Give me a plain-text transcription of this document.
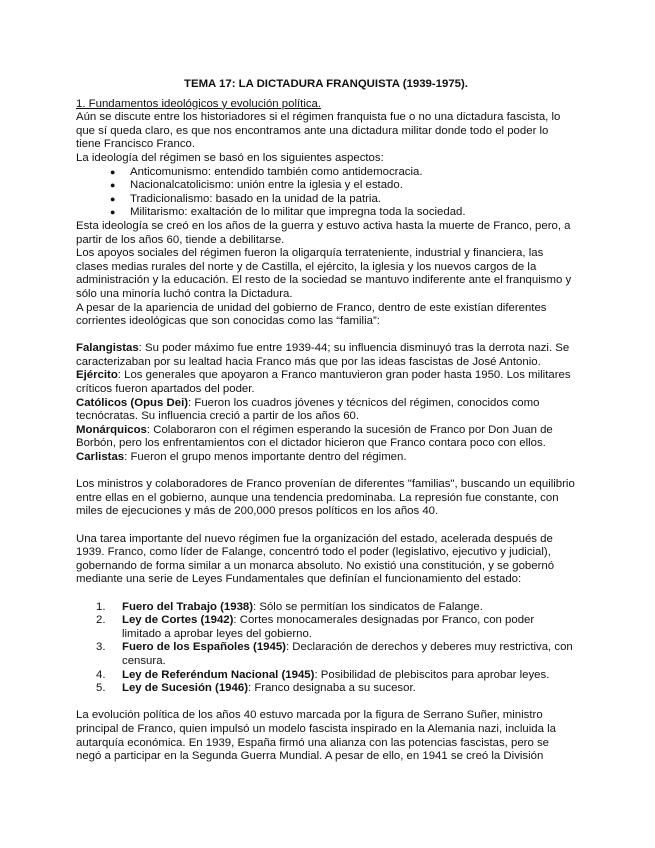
TEMA 17: LA DICTADURA FRANQUISTA (1939-1975).

1. Fundamentos ideológicos y evolución política.

Aún se discute entre los historiadores si el régimen franquista fue o no una dictadura fascista, lo que sí queda claro, es que nos encontramos ante una dictadura militar donde todo el poder lo tiene Francisco Franco.

La ideología del régimen se basó en los siguientes aspectos:

● Anticomunismo: entendido también como antidemocracia.
● Nacionalcatolicismo: unión entre la iglesia y el estado.
● Tradicionalismo: basado en la unidad de la patria.
● Militarismo: exaltación de lo militar que impregna toda la sociedad.

Esta ideología se creó en los años de la guerra y estuvo activa hasta la muerte de Franco, pero, a partir de los años 60, tiende a debilitarse.

Los apoyos sociales del régimen fueron la oligarquía terrateniente, industrial y financiera, las clases medias rurales del norte y de Castilla, el ejército, la iglesia y los nuevos cargos de la administración y la educación. El resto de la sociedad se mantuvo indiferente ante el franquismo y sólo una minoría luchó contra la Dictadura.

A pesar de la apariencia de unidad del gobierno de Franco, dentro de este existían diferentes corrientes ideológicas que son conocidas como las “familia”:

Falangistas: Su poder máximo fue entre 1939-44; su influencia disminuyó tras la derrota nazi. Se caracterizaban por su lealtad hacia Franco más que por las ideas fascistas de José Antonio.

Ejército: Los generales que apoyaron a Franco mantuvieron gran poder hasta 1950. Los militares críticos fueron apartados del poder.

Católicos (Opus Dei): Fueron los cuadros jóvenes y técnicos del régimen, conocidos como tecnócratas. Su influencia creció a partir de los años 60.

Monárquicos: Colaboraron con el régimen esperando la sucesión de Franco por Don Juan de Borbón, pero los enfrentamientos con el dictador hicieron que Franco contara poco con ellos.

Carlistas: Fueron el grupo menos importante dentro del régimen.

Los ministros y colaboradores de Franco provenían de diferentes "familias", buscando un equilibrio entre ellas en el gobierno, aunque una tendencia predominaba. La represión fue constante, con miles de ejecuciones y más de 200,000 presos políticos en los años 40.

Una tarea importante del nuevo régimen fue la organización del estado, acelerada después de 1939. Franco, como líder de Falange, concentró todo el poder (legislativo, ejecutivo y judicial), gobernando de forma similar a un monarca absoluto. No existió una constitución, y se gobernó mediante una serie de Leyes Fundamentales que definían el funcionamiento del estado:

1. Fuero del Trabajo (1938): Sólo se permitían los sindicatos de Falange.
2. Ley de Cortes (1942): Cortes monocamerales designadas por Franco, con poder limitado a aprobar leyes del gobierno.
3. Fuero de los Españoles (1945): Declaración de derechos y deberes muy restrictiva, con censura.
4. Ley de Referéndum Nacional (1945): Posibilidad de plebiscitos para aprobar leyes.
5. Ley de Sucesión (1946): Franco designaba a su sucesor.

La evolución política de los años 40 estuvo marcada por la figura de Serrano Suñer, ministro principal de Franco, quien impulsó un modelo fascista inspirado en la Alemania nazi, incluida la autarquía económica. En 1939, España firmó una alianza con las potencias fascistas, pero se negó a participar en la Segunda Guerra Mundial. A pesar de ello, en 1941 se creó la División
